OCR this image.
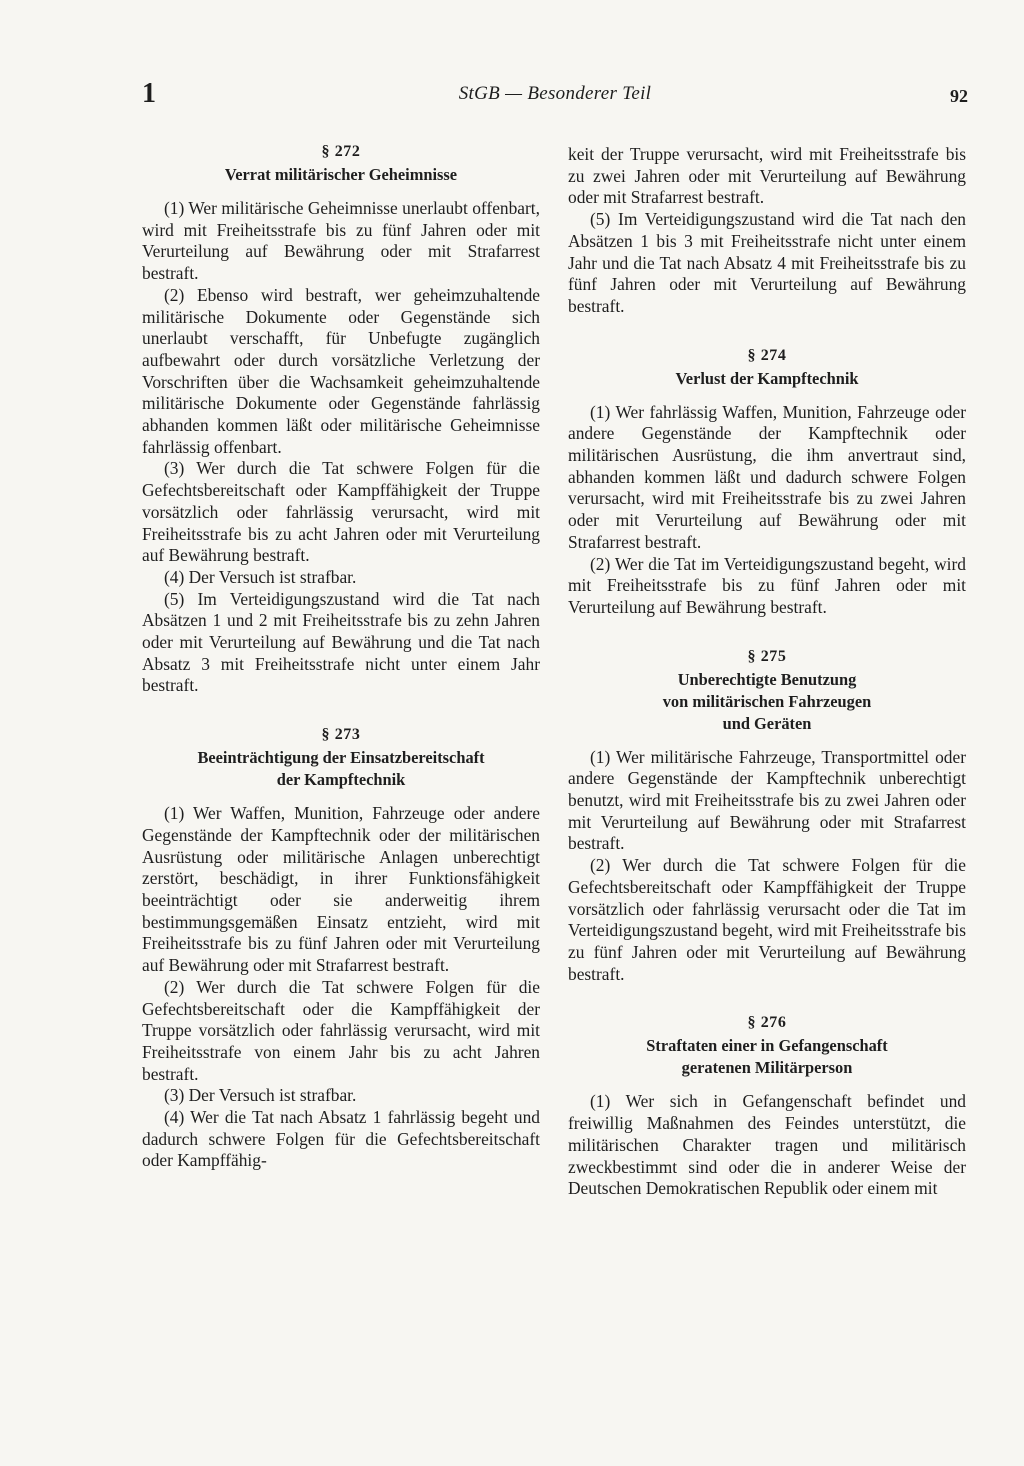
1	StGB — Besonderer Teil	92
§ 272
Verrat militärischer Geheimnisse

(1) Wer militärische Geheimnisse unerlaubt offenbart, wird mit Freiheitsstrafe bis zu fünf Jahren oder mit Verurteilung auf Bewährung oder mit Strafarrest bestraft.

(2) Ebenso wird bestraft, wer geheimzuhaltende militärische Dokumente oder Gegenstände sich unerlaubt verschafft, für Unbefugte zugänglich aufbewahrt oder durch vorsätzliche Verletzung der Vorschriften über die Wachsamkeit geheimzuhaltende militärische Dokumente oder Gegenstände fahrlässig abhanden kommen läßt oder militärische Geheimnisse fahrlässig offenbart.

(3) Wer durch die Tat schwere Folgen für die Gefechtsbereitschaft oder Kampffähigkeit der Truppe vorsätzlich oder fahrlässig verursacht, wird mit Freiheitsstrafe bis zu acht Jahren oder mit Verurteilung auf Bewährung bestraft.

(4) Der Versuch ist strafbar.

(5) Im Verteidigungszustand wird die Tat nach Absätzen 1 und 2 mit Freiheitsstrafe bis zu zehn Jahren oder mit Verurteilung auf Bewährung und die Tat nach Absatz 3 mit Freiheitsstrafe nicht unter einem Jahr bestraft.

§ 273
Beeinträchtigung der Einsatzbereitschaft
der Kampftechnik

(1) Wer Waffen, Munition, Fahrzeuge oder andere Gegenstände der Kampftechnik oder der militärischen Ausrüstung oder militärische Anlagen unberechtigt zerstört, beschädigt, in ihrer Funktionsfähigkeit beeinträchtigt oder sie anderweitig ihrem bestimmungsgemäßen Einsatz entzieht, wird mit Freiheitsstrafe bis zu fünf Jahren oder mit Verurteilung auf Bewährung oder mit Strafarrest bestraft.

(2) Wer durch die Tat schwere Folgen für die Gefechtsbereitschaft oder die Kampffähigkeit der Truppe vorsätzlich oder fahrlässig verursacht, wird mit Freiheitsstrafe von einem Jahr bis zu acht Jahren bestraft.

(3) Der Versuch ist strafbar.

(4) Wer die Tat nach Absatz 1 fahrlässig begeht und dadurch schwere Folgen für die Gefechtsbereitschaft oder Kampffähig-

keit der Truppe verursacht, wird mit Freiheitsstrafe bis zu zwei Jahren oder mit Verurteilung auf Bewährung oder mit Strafarrest bestraft.

(5) Im Verteidigungszustand wird die Tat nach den Absätzen 1 bis 3 mit Freiheitsstrafe nicht unter einem Jahr und die Tat nach Absatz 4 mit Freiheitsstrafe bis zu fünf Jahren oder mit Verurteilung auf Bewährung bestraft.

§ 274
Verlust der Kampftechnik

(1) Wer fahrlässig Waffen, Munition, Fahrzeuge oder andere Gegenstände der Kampftechnik oder militärischen Ausrüstung, die ihm anvertraut sind, abhanden kommen läßt und dadurch schwere Folgen verursacht, wird mit Freiheitsstrafe bis zu zwei Jahren oder mit Verurteilung auf Bewährung oder mit Strafarrest bestraft.

(2) Wer die Tat im Verteidigungszustand begeht, wird mit Freiheitsstrafe bis zu fünf Jahren oder mit Verurteilung auf Bewährung bestraft.

§ 275
Unberechtigte Benutzung
von militärischen Fahrzeugen
und Geräten

(1) Wer militärische Fahrzeuge, Transportmittel oder andere Gegenstände der Kampftechnik unberechtigt benutzt, wird mit Freiheitsstrafe bis zu zwei Jahren oder mit Verurteilung auf Bewährung oder mit Strafarrest bestraft.

(2) Wer durch die Tat schwere Folgen für die Gefechtsbereitschaft oder Kampffähigkeit der Truppe vorsätzlich oder fahrlässig verursacht oder die Tat im Verteidigungszustand begeht, wird mit Freiheitsstrafe bis zu fünf Jahren oder mit Verurteilung auf Bewährung bestraft.

§ 276
Straftaten einer in Gefangenschaft
geratenen Militärperson

(1) Wer sich in Gefangenschaft befindet und freiwillig Maßnahmen des Feindes unterstützt, die militärischen Charakter tragen und militärisch zweckbestimmt sind oder die in anderer Weise der Deutschen Demokratischen Republik oder einem mit
